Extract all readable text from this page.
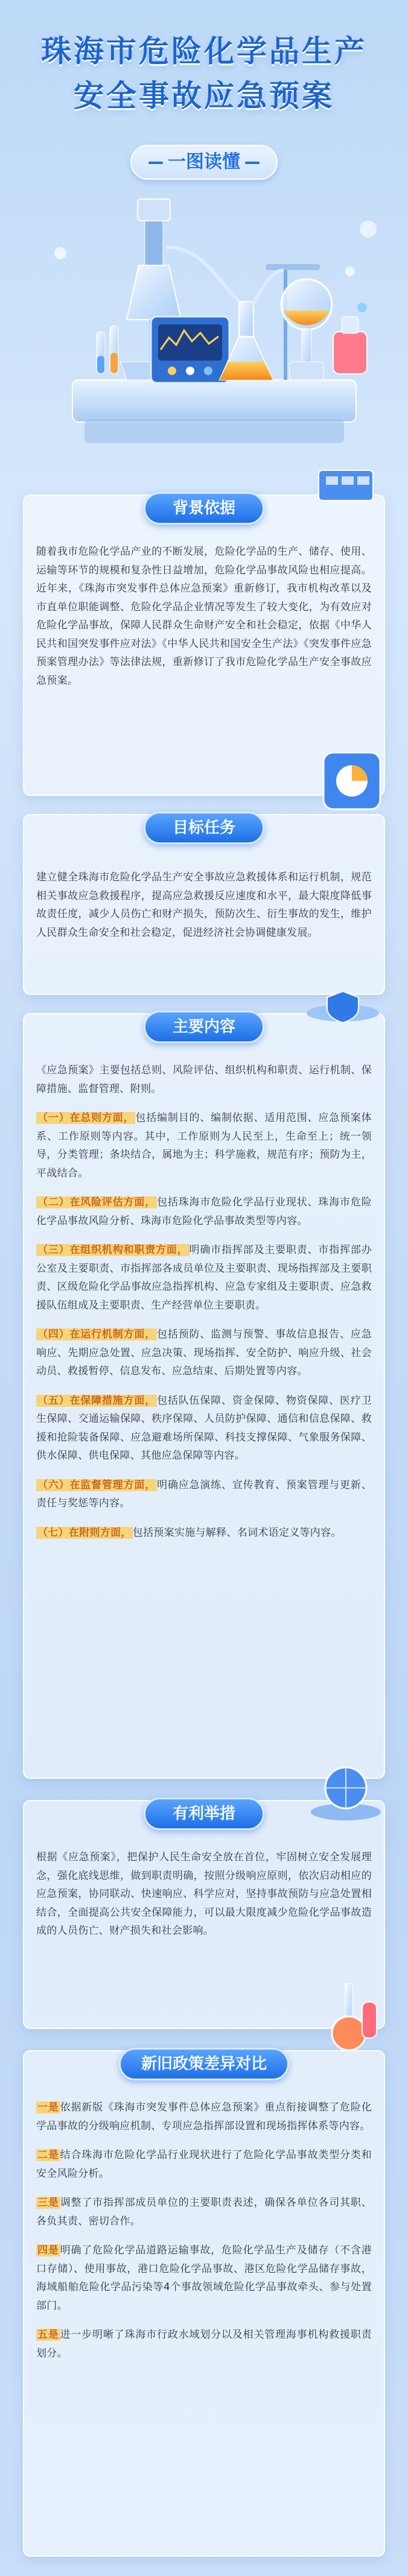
珠海市危险化学品生产
安全事故应急预案
一图读懂
背景依据
随着我市危险化学品产业的不断发展，危险化学品的生产、储存、使用、运输等环节的规模和复杂性日益增加，危险化学品事故风险也相应提高。近年来，《珠海市突发事件总体应急预案》重新修订，我市机构改革以及市直单位职能调整、危险化学品企业情况等发生了较大变化，为有效应对危险化学品事故，保障人民群众生命财产安全和社会稳定，依据《中华人民共和国突发事件应对法》《中华人民共和国安全生产法》《突发事件应急预案管理办法》等法律法规，重新修订了我市危险化学品生产安全事故应急预案。
目标任务
建立健全珠海市危险化学品生产安全事故应急救援体系和运行机制，规范相关事故应急救援程序，提高应急救援反应速度和水平，最大限度降低事故责任度，减少人员伤亡和财产损失，预防次生、衍生事故的发生，维护人民群众生命安全和社会稳定，促进经济社会协调健康发展。
主要内容
《应急预案》主要包括总则、风险评估、组织机构和职责、运行机制、保障措施、监督管理、附则。
（一）在总则方面， 包括编制目的、编制依据、适用范围、应急预案体系、工作原则等内容。其中，工作原则为人民至上，生命至上；统一领导，分类管理；条块结合，属地为主；科学施救，规范有序；预防为主，平战结合。
（二）在风险评估方面， 包括珠海市危险化学品行业现状、珠海市危险化学品事故风险分析、珠海市危险化学品事故类型等内容。
（三）在组织机构和职责方面， 明确市指挥部及主要职责、市指挥部办公室及主要职责、市指挥部各成员单位及主要职责、现场指挥部及主要职责、区级危险化学品事故应急指挥机构、应急专家组及主要职责、应急救援队伍组成及主要职责、生产经营单位主要职责。
（四）在运行机制方面， 包括预防、监测与预警、事故信息报告、应急响应、先期应急处置、应急决策、现场指挥、安全防护、响应升级、社会动员、救援暂停、信息发布、应急结束、后期处置等内容。
（五）在保障措施方面， 包括队伍保障、资金保障、物资保障、医疗卫生保障、交通运输保障、秩序保障、人员防护保障、通信和信息保障、救援和抢险装备保障、应急避难场所保障、科技支撑保障、气象服务保障、供水保障、供电保障、其他应急保障等内容。
（六）在监督管理方面， 明确应急演练、宣传教育、预案管理与更新、责任与奖惩等内容。
（七）在附则方面， 包括预案实施与解释、名词术语定义等内容。
有利举措
根据《应急预案》，把保护人民生命安全放在首位，牢固树立安全发展理念，强化底线思维，做到职责明确，按照分级响应原则，依次启动相应的应急预案，协同联动、快速响应、科学应对，坚持事故预防与应急处置相结合，全面提高公共安全保障能力，可以最大限度减少危险化学品事故造成的人员伤亡、财产损失和社会影响。
新旧政策差异对比
一是 依据新版《珠海市突发事件总体应急预案》重点衔接调整了危险化学品事故的分级响应机制、专项应急指挥部设置和现场指挥体系等内容。
二是 结合珠海市危险化学品行业现状进行了危险化学品事故类型分类和安全风险分析。
三是 调整了市指挥部成员单位的主要职责表述，确保各单位各司其职、各负其责、密切合作。
四是 明确了危险化学品道路运输事故，危险化学品生产及储存（不含港口存储）、使用事故，港口危险化学品事故、港区危险化学品储存事故，海域船舶危险化学品污染等4个事故领域危险化学品事故牵头、参与处置部门。
五是 进一步明晰了珠海市行政水域划分以及相关管理海事机构救援职责划分。
